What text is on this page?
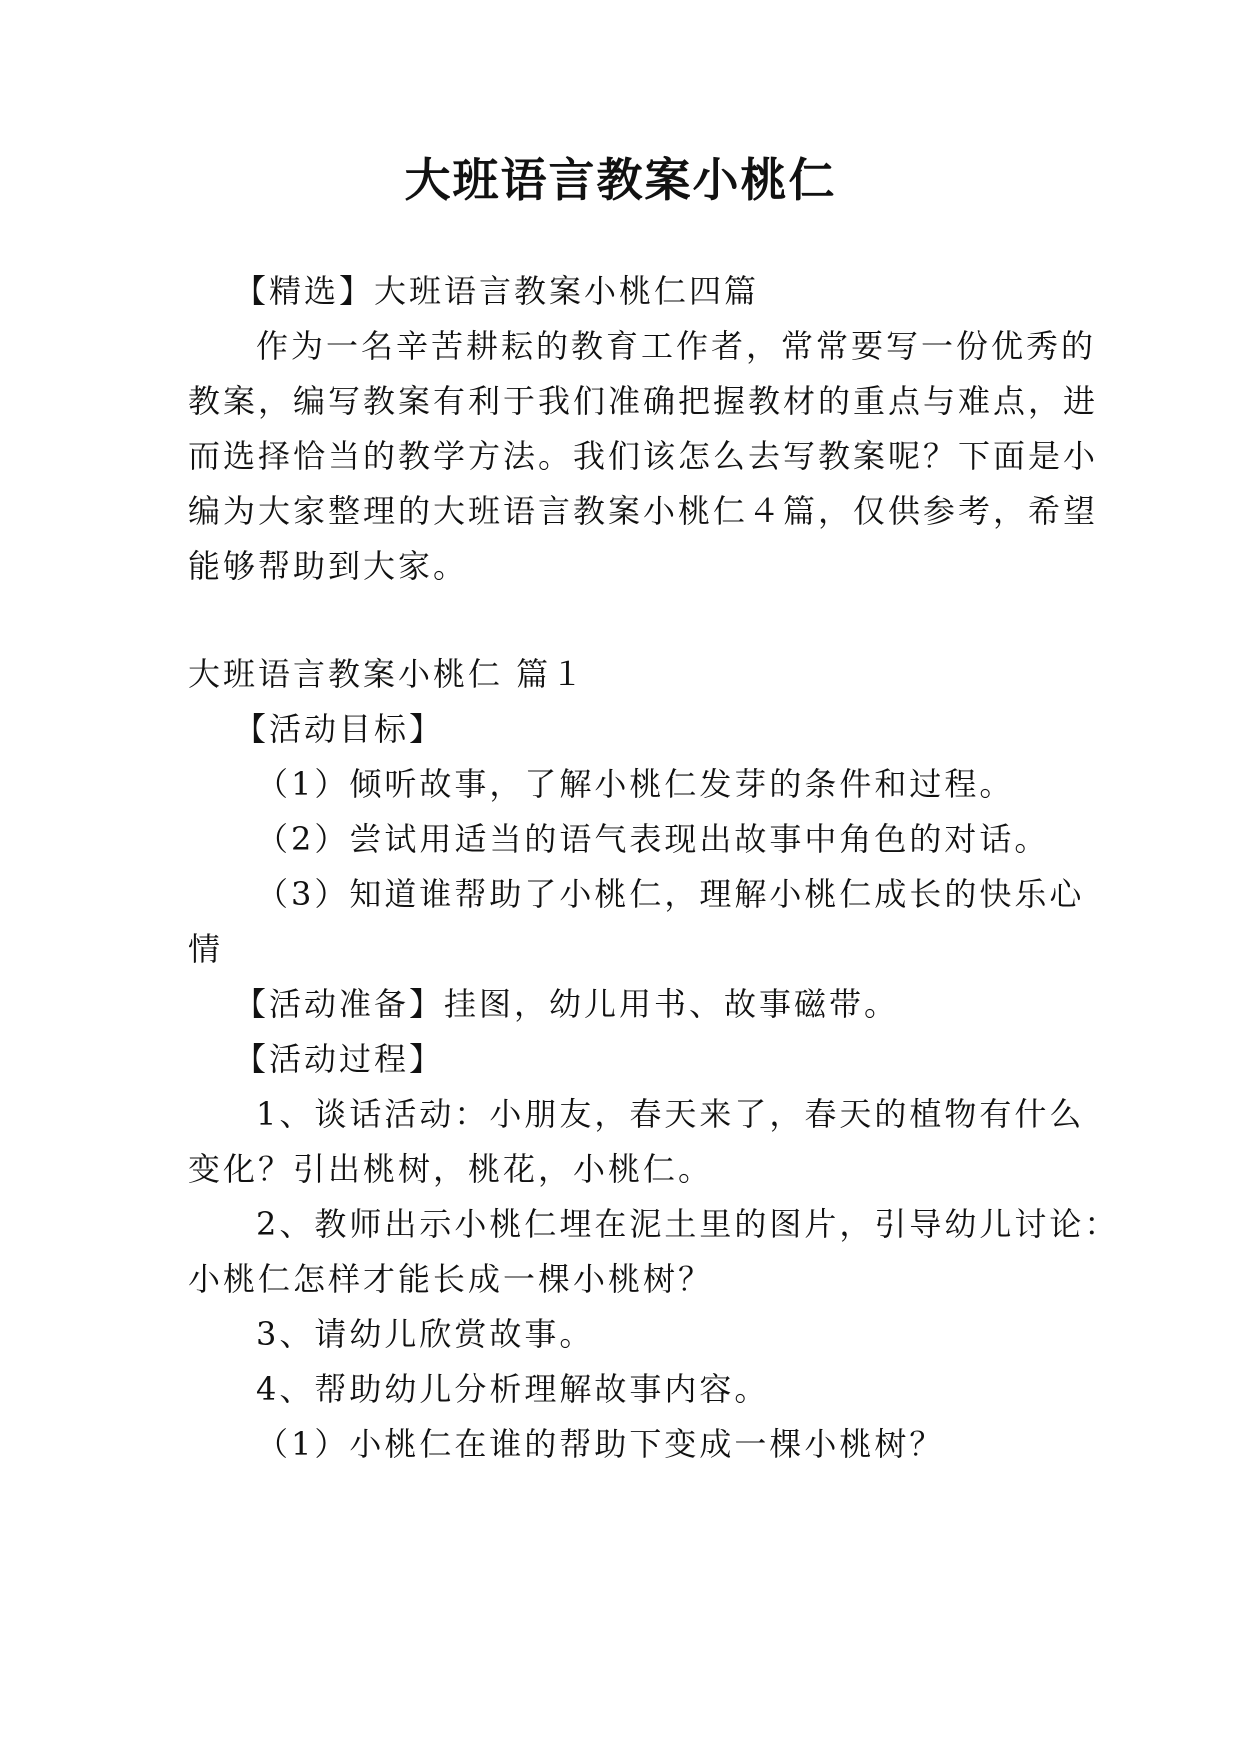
大班语言教案小桃仁
【精选】大班语言教案小桃仁四篇
作为一名辛苦耕耘的教育工作者，常常要写一份优秀的
教案，编写教案有利于我们准确把握教材的重点与难点，进
而选择恰当的教学方法。我们该怎么去写教案呢？下面是小
编为大家整理的大班语言教案小桃仁４篇，仅供参考，希望
能够帮助到大家。
大班语言教案小桃仁 篇１
【活动目标】
（1）倾听故事，了解小桃仁发芽的条件和过程。
（2）尝试用适当的语气表现出故事中角色的对话。
（3）知道谁帮助了小桃仁，理解小桃仁成长的快乐心
情
【活动准备】挂图，幼儿用书、故事磁带。
【活动过程】
1、谈话活动：小朋友，春天来了，春天的植物有什么
变化？引出桃树，桃花，小桃仁。
2、教师出示小桃仁埋在泥土里的图片，引导幼儿讨论：
小桃仁怎样才能长成一棵小桃树？
3、请幼儿欣赏故事。
4、帮助幼儿分析理解故事内容。
（1）小桃仁在谁的帮助下变成一棵小桃树？
